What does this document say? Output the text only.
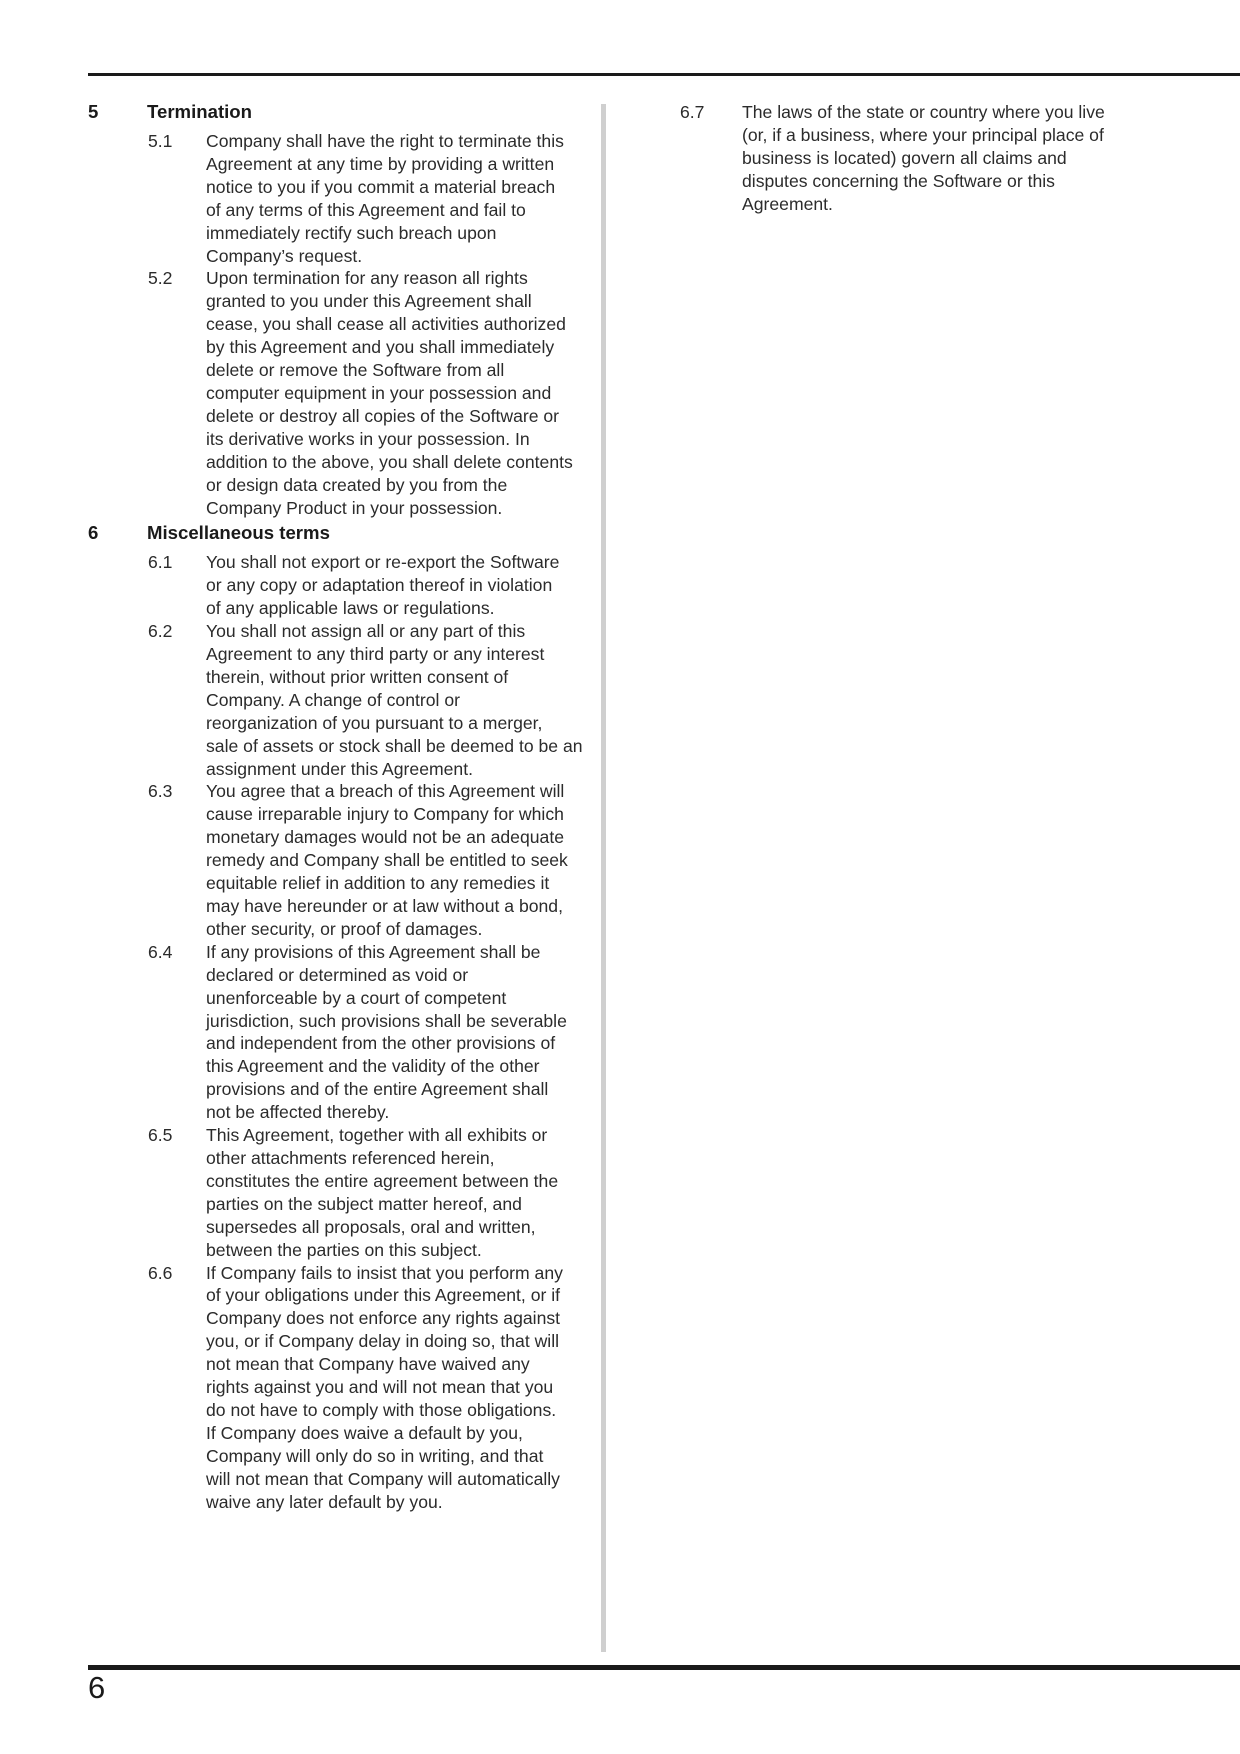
5	Termination
5.1 Company shall have the right to terminate this
Agreement at any time by providing a written
notice to you if you commit a material breach
of any terms of this Agreement and fail to
immediately rectify such breach upon
Company’s request.
5.2 Upon termination for any reason all rights
granted to you under this Agreement shall
cease, you shall cease all activities authorized
by this Agreement and you shall immediately
delete or remove the Software from all
computer equipment in your possession and
delete or destroy all copies of the Software or
its derivative works in your possession. In
addition to the above, you shall delete contents
or design data created by you from the
Company Product in your possession.
6	Miscellaneous terms
6.1 You shall not export or re-export the Software
or any copy or adaptation thereof in violation
of any applicable laws or regulations.
6.2 You shall not assign all or any part of this
Agreement to any third party or any interest
therein, without prior written consent of
Company. A change of control or
reorganization of you pursuant to a merger,
sale of assets or stock shall be deemed to be an
assignment under this Agreement.
6.3 You agree that a breach of this Agreement will
cause irreparable injury to Company for which
monetary damages would not be an adequate
remedy and Company shall be entitled to seek
equitable relief in addition to any remedies it
may have hereunder or at law without a bond,
other security, or proof of damages.
6.4 If any provisions of this Agreement shall be
declared or determined as void or
unenforceable by a court of competent
jurisdiction, such provisions shall be severable
and independent from the other provisions of
this Agreement and the validity of the other
provisions and of the entire Agreement shall
not be affected thereby.
6.5 This Agreement, together with all exhibits or
other attachments referenced herein,
constitutes the entire agreement between the
parties on the subject matter hereof, and
supersedes all proposals, oral and written,
between the parties on this subject.
6.6 If Company fails to insist that you perform any
of your obligations under this Agreement, or if
Company does not enforce any rights against
you, or if Company delay in doing so, that will
not mean that Company have waived any
rights against you and will not mean that you
do not have to comply with those obligations.
If Company does waive a default by you,
Company will only do so in writing, and that
will not mean that Company will automatically
waive any later default by you.
6.7 The laws of the state or country where you live
(or, if a business, where your principal place of
business is located) govern all claims and
disputes concerning the Software or this
Agreement.
6
